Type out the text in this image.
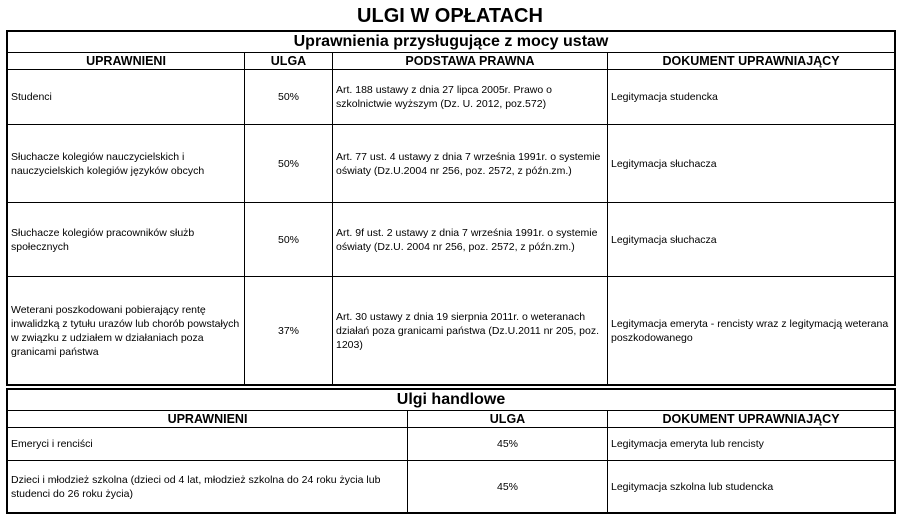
ULGI W OPŁATACH
Uprawnienia przysługujące z mocy ustaw			
UPRAWNIENI	ULGA	PODSTAWA PRAWNA	DOKUMENT UPRAWNIAJĄCY
Studenci	50%	Art. 188 ustawy z dnia 27 lipca 2005r. Prawo o szkolnictwie wyższym (Dz. U. 2012, poz.572)	Legitymacja studencka
Słuchacze kolegiów nauczycielskich i nauczycielskich kolegiów języków obcych	50%	Art. 77 ust. 4 ustawy z dnia 7 września 1991r. o systemie oświaty (Dz.U.2004 nr 256, poz. 2572, z późn.zm.)	Legitymacja słuchacza
Słuchacze kolegiów pracowników służb społecznych	50%	Art. 9f ust. 2 ustawy z dnia 7 września 1991r. o systemie oświaty (Dz.U. 2004 nr 256, poz. 2572, z późn.zm.)	Legitymacja słuchacza
Weterani poszkodowani pobierający rentę inwalidzką z tytułu urazów lub chorób powstałych w związku z udziałem w działaniach poza granicami państwa	37%	Art. 30 ustawy z dnia 19 sierpnia 2011r. o weteranach działań poza granicami państwa (Dz.U.2011 nr 205, poz. 1203)	Legitymacja emeryta - rencisty wraz z legitymacją weterana poszkodowanego
Ulgi handlowe		
UPRAWNIENI	ULGA	DOKUMENT UPRAWNIAJĄCY
Emeryci i renciści	45%	Legitymacja emeryta lub rencisty
Dzieci i młodzież szkolna (dzieci od 4 lat, młodzież szkolna do 24 roku życia lub studenci do 26 roku życia)	45%	Legitymacja szkolna lub studencka
